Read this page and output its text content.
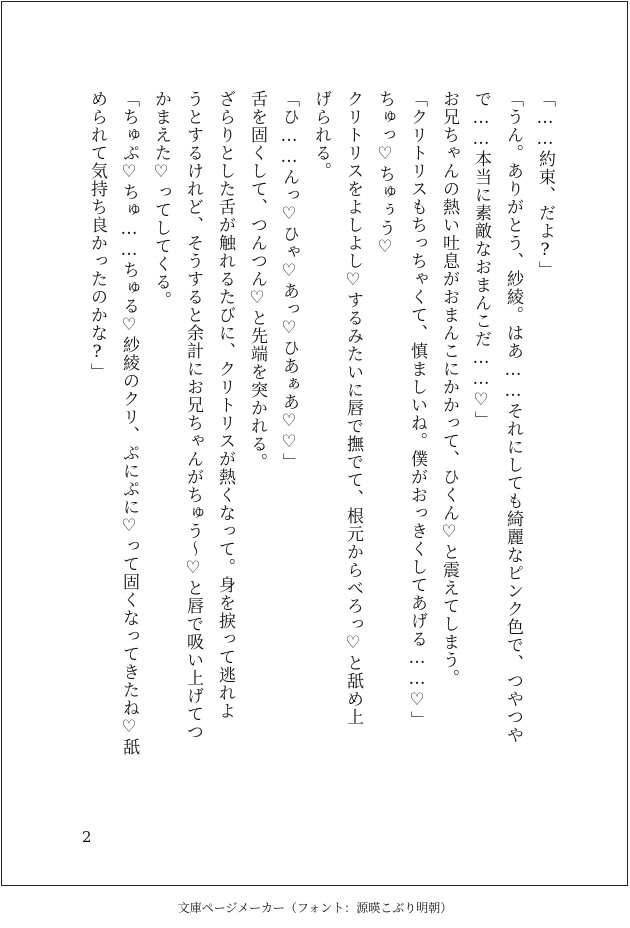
「……約束、だよ?」
「うん。ありがとう、紗綾。はあ……それにしても綺麗なピンク色で、つやつや
で……本当に素敵なおまんこだ……♡」
お兄ちゃんの熱い吐息がおまんこにかかって、ひくん♡と震えてしまう。
「クリトリスもちっちゃくて、慎ましいね。僕がおっきくしてあげる……♡」
ちゅっ♡ちゅぅう♡
クリトリスをよしよし♡するみたいに唇で撫でて、根元からべろっ♡と舐め上
げられる。
「ひ……んっ♡ひゃ♡あっ♡ひあぁあ♡♡」
舌を固くして、つんつん♡と先端を突かれる。
ざらりとした舌が触れるたびに、クリトリスが熱くなって。身を捩って逃れよ
うとするけれど、そうすると余計にお兄ちゃんがちゅう〜♡と唇で吸い上げてつ
かまえた♡ってしてくる。
「ちゅぷ♡ちゅ……ちゅる♡紗綾のクリ、ぷにぷに♡って固くなってきたね♡舐
められて気持ち良かったのかな?」
2
文庫ページメーカー（フォント：源暎こぶり明朝）
